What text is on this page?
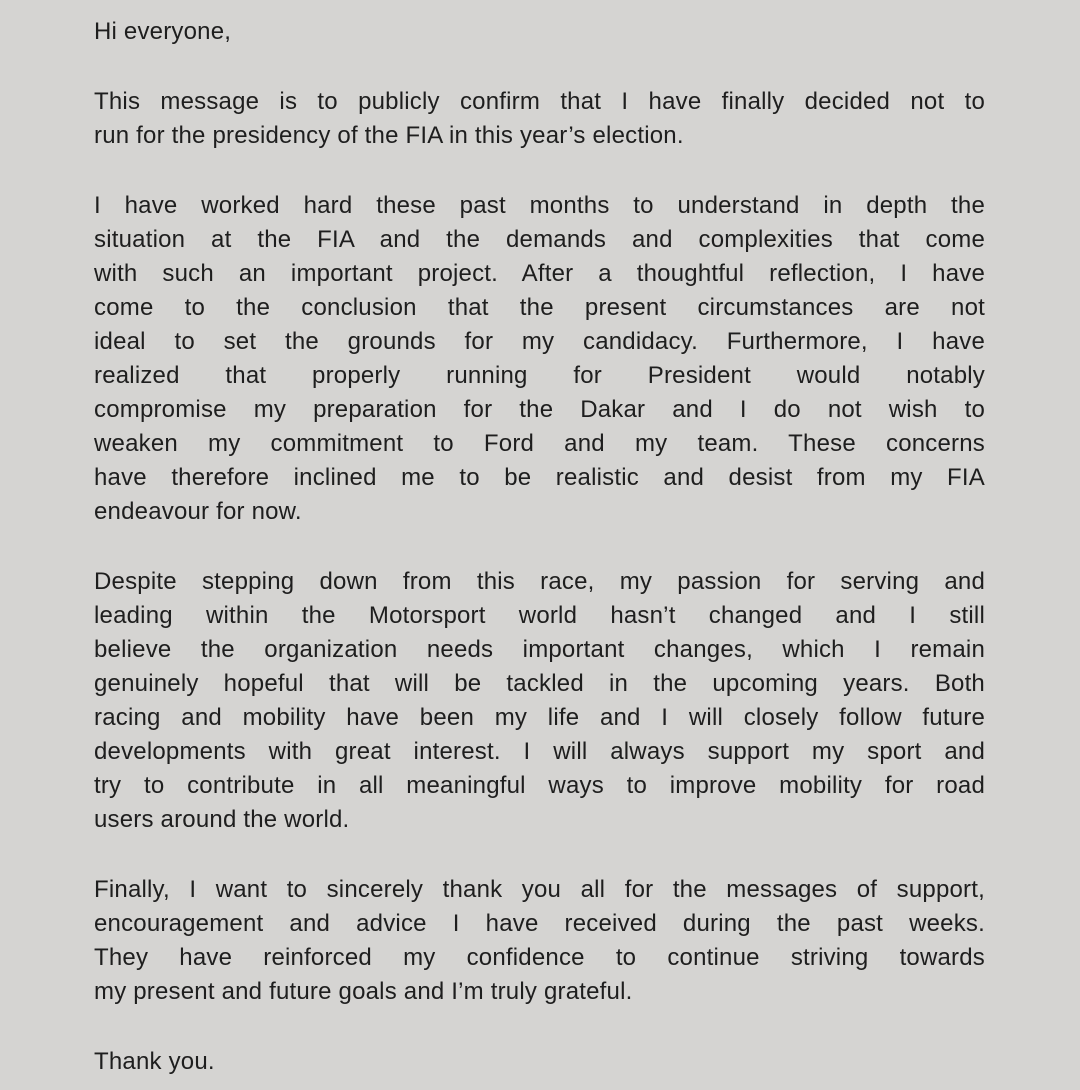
Hi everyone,
This message is to publicly confirm that I have finally decided not to
run for the presidency of the FIA in this year’s election.
I have worked hard these past months to understand in depth the
situation at the FIA and the demands and complexities that come
with such an important project. After a thoughtful reflection, I have
come to the conclusion that the present circumstances are not
ideal to set the grounds for my candidacy. Furthermore, I have
realized that properly running for President would notably
compromise my preparation for the Dakar and I do not wish to
weaken my commitment to Ford and my team. These concerns
have therefore inclined me to be realistic and desist from my FIA
endeavour for now.
Despite stepping down from this race, my passion for serving and
leading within the Motorsport world hasn’t changed and I still
believe the organization needs important changes, which I remain
genuinely hopeful that will be tackled in the upcoming years. Both
racing and mobility have been my life and I will closely follow future
developments with great interest. I will always support my sport and
try to contribute in all meaningful ways to improve mobility for road
users around the world.
Finally, I want to sincerely thank you all for the messages of support,
encouragement and advice I have received during the past weeks.
They have reinforced my confidence to continue striving towards
my present and future goals and I’m truly grateful.
Thank you.
